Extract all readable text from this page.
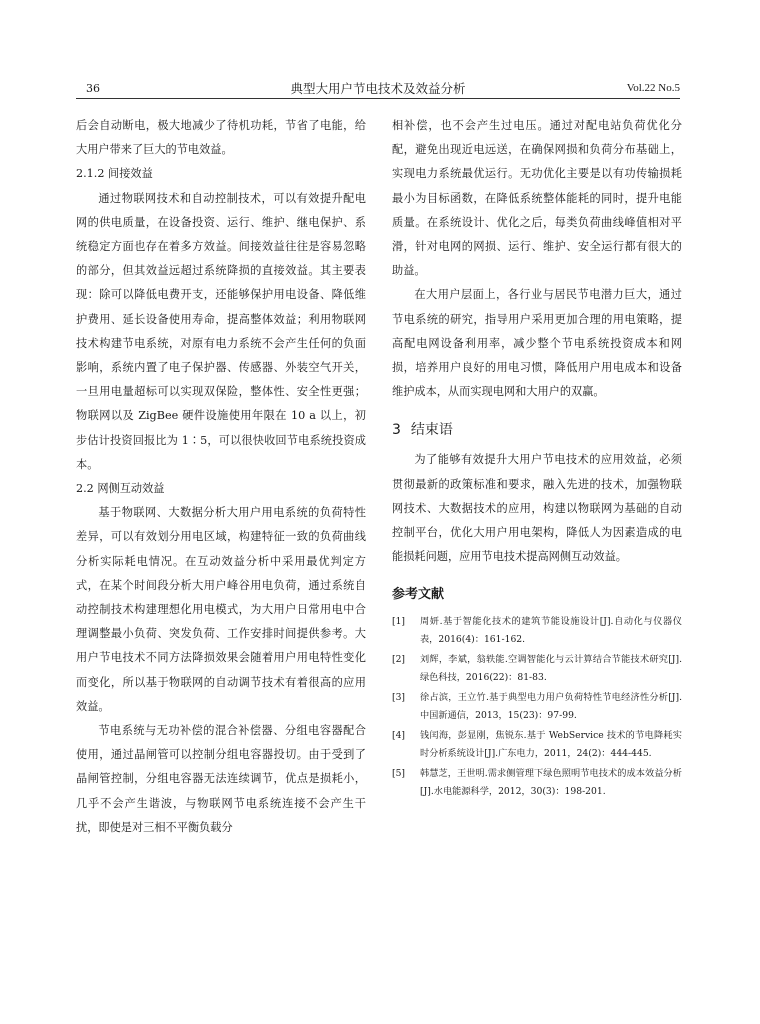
36	典型大用户节电技术及效益分析	Vol.22 No.5

后会自动断电，极大地减少了待机功耗，节省了电能，给大用户带来了巨大的节电效益。

2.1.2 间接效益

通过物联网技术和自动控制技术，可以有效提升配电网的供电质量，在设备投资、运行、维护、继电保护、系统稳定方面也存在着多方效益。间接效益往往是容易忽略的部分，但其效益远超过系统降损的直接效益。其主要表现：除可以降低电费开支，还能够保护用电设备、降低维护费用、延长设备使用寿命，提高整体效益；利用物联网技术构建节电系统，对原有电力系统不会产生任何的负面影响，系统内置了电子保护器、传感器、外装空气开关，一旦用电量超标可以实现双保险，整体性、安全性更强；物联网以及 ZigBee 硬件设施使用年限在 10 a 以上，初步估计投资回报比为 1∶5，可以很快收回节电系统投资成本。

2.2 网侧互动效益

基于物联网、大数据分析大用户用电系统的负荷特性差异，可以有效划分用电区域，构建特征一致的负荷曲线分析实际耗电情况。在互动效益分析中采用最优判定方式，在某个时间段分析大用户峰谷用电负荷，通过系统自动控制技术构建理想化用电模式，为大用户日常用电中合理调整最小负荷、突发负荷、工作安排时间提供参考。大用户节电技术不同方法降损效果会随着用户用电特性变化而变化，所以基于物联网的自动调节技术有着很高的应用效益。

节电系统与无功补偿的混合补偿器、分组电容器配合使用，通过晶闸管可以控制分组电容器投切。由于受到了晶闸管控制，分组电容器无法连续调节，优点是损耗小，几乎不会产生谐波，与物联网节电系统连接不会产生干扰，即使是对三相不平衡负载分

相补偿，也不会产生过电压。通过对配电站负荷优化分配，避免出现近电远送，在确保网损和负荷分布基础上，实现电力系统最优运行。无功优化主要是以有功传输损耗最小为目标函数，在降低系统整体能耗的同时，提升电能质量。在系统设计、优化之后，每类负荷曲线峰值相对平滑，针对电网的网损、运行、维护、安全运行都有很大的助益。

在大用户层面上，各行业与居民节电潜力巨大，通过节电系统的研究，指导用户采用更加合理的用电策略，提高配电网设备利用率，减少整个节电系统投资成本和网损，培养用户良好的用电习惯，降低用户用电成本和设备维护成本，从而实现电网和大用户的双赢。

3 结束语

为了能够有效提升大用户节电技术的应用效益，必须贯彻最新的政策标准和要求，融入先进的技术，加强物联网技术、大数据技术的应用，构建以物联网为基础的自动控制平台，优化大用户用电架构，降低人为因素造成的电能损耗问题，应用节电技术提高网侧互动效益。

参考文献
[1] 周妍.基于智能化技术的建筑节能设施设计[J].自动化与仪器仪表，2016(4)：161-162.
[2] 刘辉，李斌，翁轶能.空调智能化与云计算结合节能技术研究[J].绿色科技，2016(22)：81-83.
[3] 徐占滨，王立竹.基于典型电力用户负荷特性节电经济性分析[J].中国新通信，2013，15(23)：97-99.
[4] 钱闰海，彭显刚，焦锐东.基于 WebService 技术的节电降耗实时分析系统设计[J].广东电力，2011，24(2)：444-445.
[5] 韩慧芝，王世明.需求侧管理下绿色照明节电技术的成本效益分析[J].水电能源科学，2012，30(3)：198-201.
